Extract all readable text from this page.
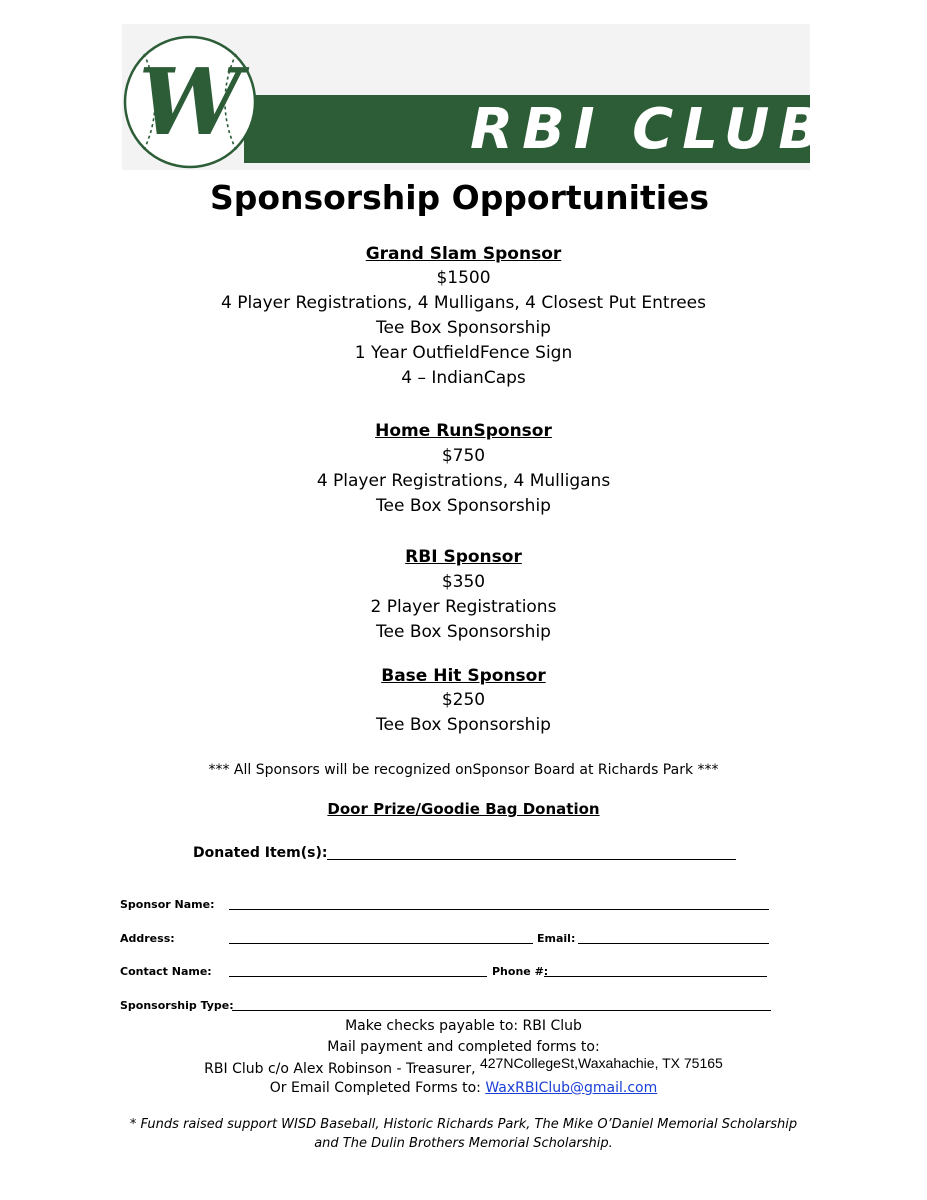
RBI CLUB
W
Sponsorship Opportunities
Grand Slam Sponsor
$1500
4 Player Registrations, 4 Mulligans, 4 Closest Put Entrees
Tee Box Sponsorship
1 Year OutfieldFence Sign
4 – IndianCaps
Home RunSponsor
$750
4 Player Registrations, 4 Mulligans
Tee Box Sponsorship
RBI Sponsor
$350
2 Player Registrations
Tee Box Sponsorship
Base Hit Sponsor
$250
Tee Box Sponsorship
*** All Sponsors will be recognized onSponsor Board at Richards Park ***
Door Prize/Goodie Bag Donation
Donated Item(s):
Sponsor Name:
Address:	Email:
Contact Name:	Phone #:
Sponsorship Type:
Make checks payable to: RBI Club
Mail payment and completed forms to:
RBI Club c/o Alex Robinson - Treasurer, 427NCollegeSt,Waxahachie, TX 75165
Or Email Completed Forms to: WaxRBIClub@gmail.com
* Funds raised support WISD Baseball, Historic Richards Park, The Mike O’Daniel Memorial Scholarship
and The Dulin Brothers Memorial Scholarship.
